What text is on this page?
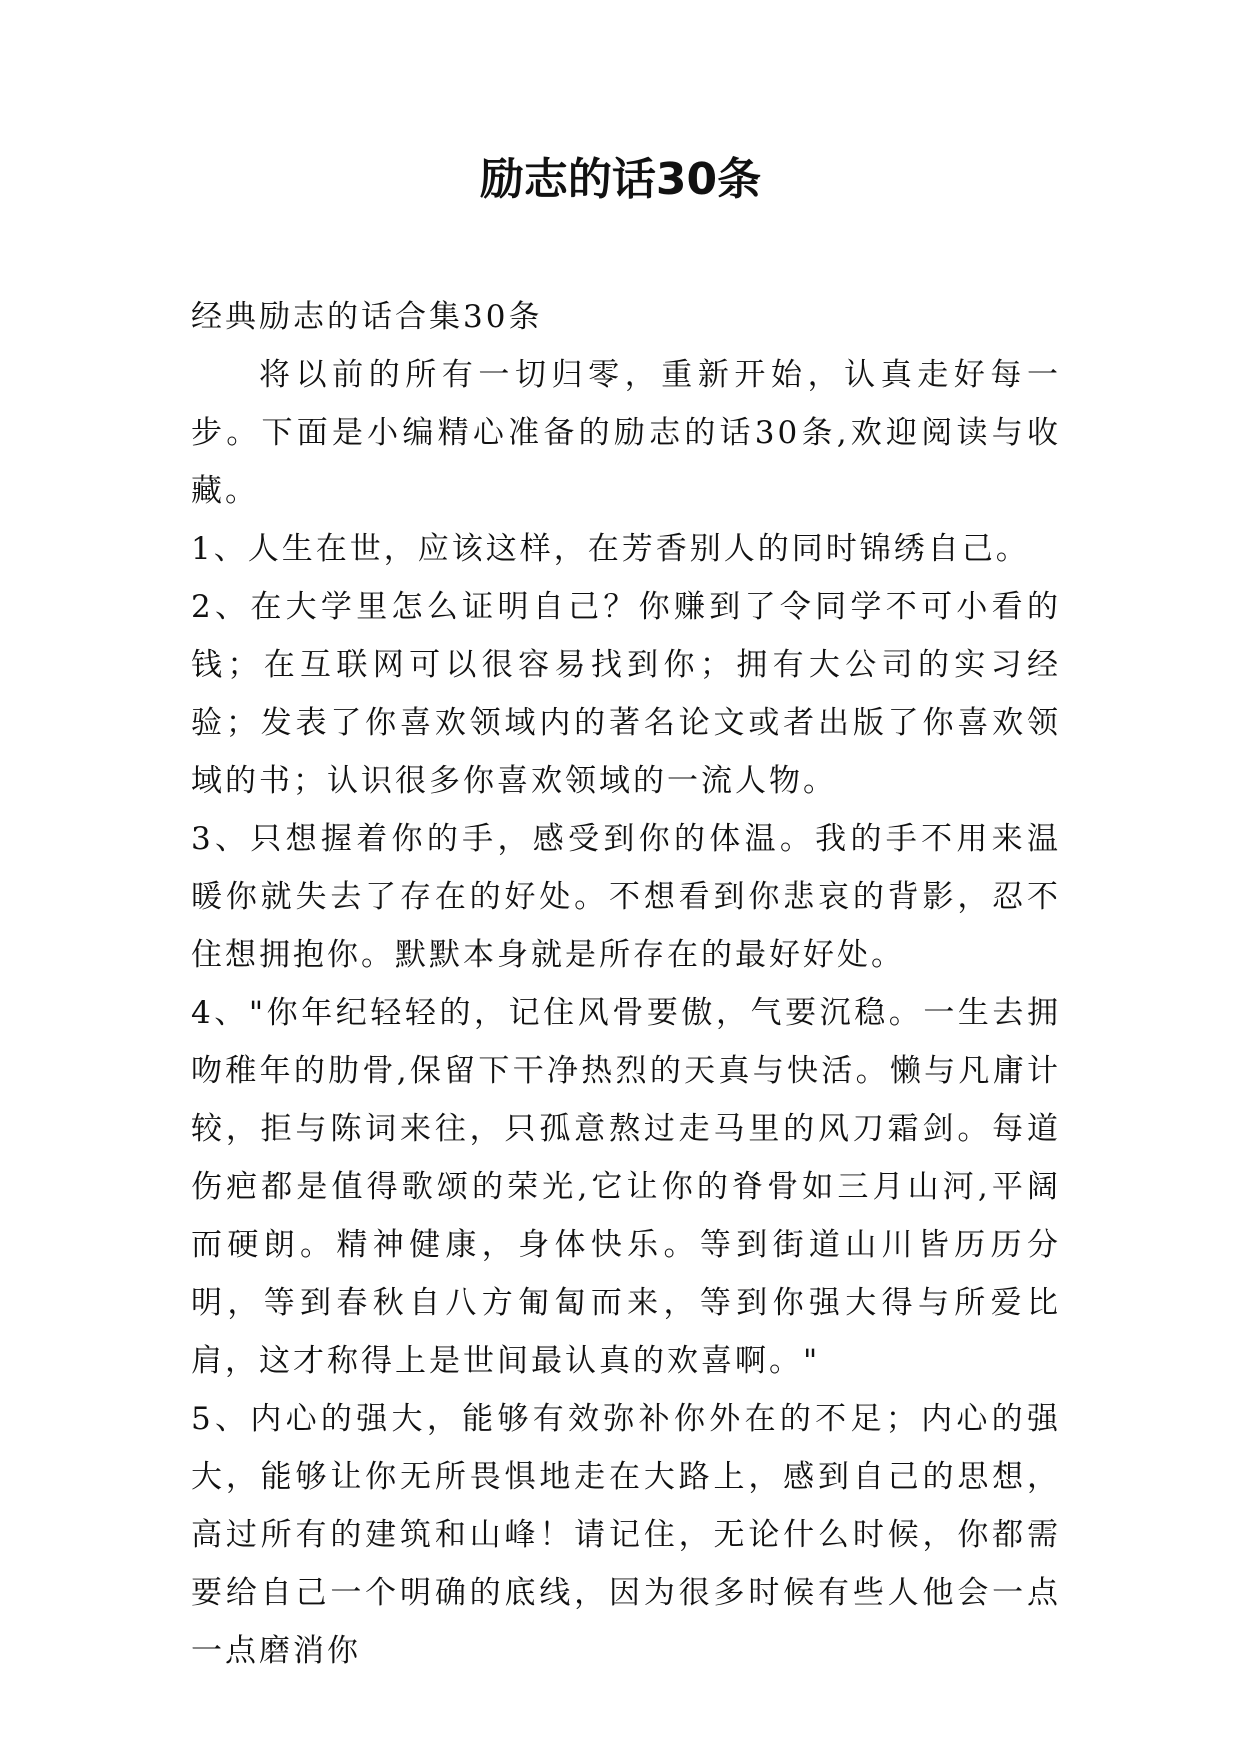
励志的话30条

经典励志的话合集30条

将以前的所有一切归零，重新开始，认真走好每一步。下面是小编精心准备的励志的话30条,欢迎阅读与收藏。

1、人生在世，应该这样，在芳香别人的同时锦绣自己。

2、在大学里怎么证明自己？你赚到了令同学不可小看的钱；在互联网可以很容易找到你；拥有大公司的实习经验；发表了你喜欢领域内的著名论文或者出版了你喜欢领域的书；认识很多你喜欢领域的一流人物。

3、只想握着你的手，感受到你的体温。我的手不用来温暖你就失去了存在的好处。不想看到你悲哀的背影，忍不住想拥抱你。默默本身就是所存在的最好好处。

4、"你年纪轻轻的，记住风骨要傲，气要沉稳。一生去拥吻稚年的肋骨,保留下干净热烈的天真与快活。懒与凡庸计较，拒与陈词来往，只孤意熬过走马里的风刀霜剑。每道伤疤都是值得歌颂的荣光,它让你的脊骨如三月山河,平阔而硬朗。精神健康，身体快乐。等到街道山川皆历历分明，等到春秋自八方匍匐而来，等到你强大得与所爱比肩，这才称得上是世间最认真的欢喜啊。"

5、内心的强大，能够有效弥补你外在的不足；内心的强大，能够让你无所畏惧地走在大路上，感到自己的思想，高过所有的建筑和山峰！请记住，无论什么时候，你都需要给自己一个明确的底线，因为很多时候有些人他会一点一点磨消你
